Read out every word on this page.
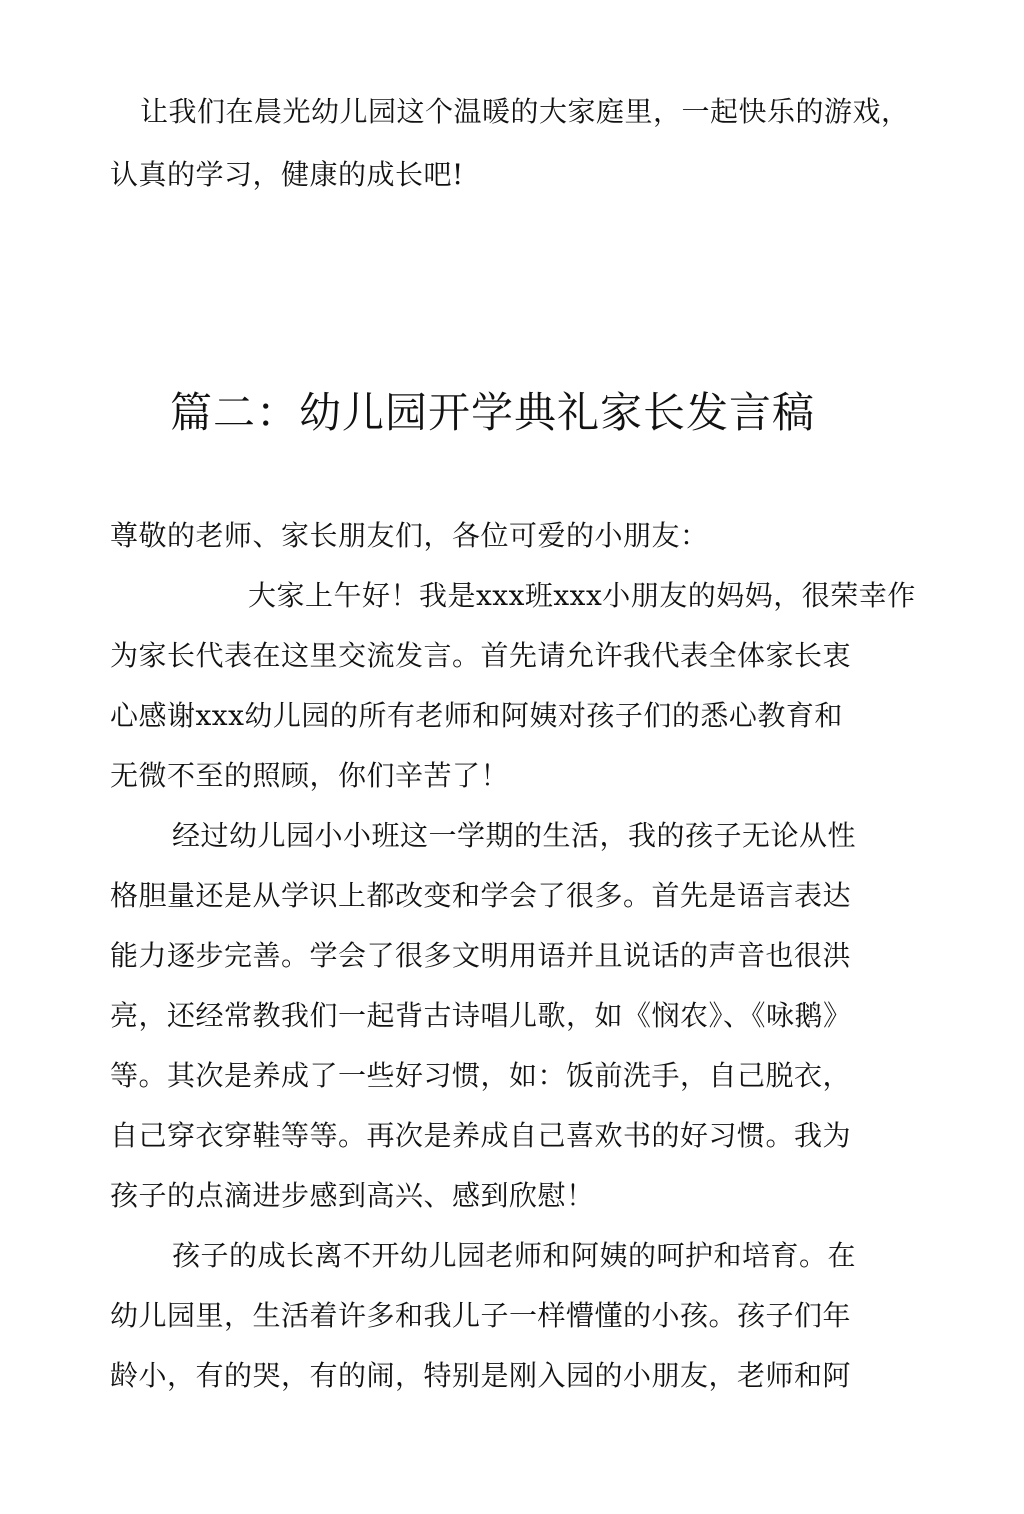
让我们在晨光幼儿园这个温暖的大家庭里，一起快乐的游戏，
认真的学习，健康的成长吧!
篇二：幼儿园开学典礼家长发言稿
尊敬的老师、家长朋友们，各位可爱的小朋友：
大家上午好！我是xxx班xxx小朋友的妈妈，很荣幸作
为家长代表在这里交流发言。首先请允许我代表全体家长衷
心感谢xxx幼儿园的所有老师和阿姨对孩子们的悉心教育和
无微不至的照顾，你们辛苦了！
经过幼儿园小小班这一学期的生活，我的孩子无论从性
格胆量还是从学识上都改变和学会了很多。首先是语言表达
能力逐步完善。学会了很多文明用语并且说话的声音也很洪
亮，还经常教我们一起背古诗唱儿歌，如《悯农》、《咏鹅》
等。其次是养成了一些好习惯，如：饭前洗手，自己脱衣，
自己穿衣穿鞋等等。再次是养成自己喜欢书的好习惯。我为
孩子的点滴进步感到高兴、感到欣慰！
孩子的成长离不开幼儿园老师和阿姨的呵护和培育。在
幼儿园里，生活着许多和我儿子一样懵懂的小孩。孩子们年
龄小，有的哭，有的闹，特别是刚入园的小朋友，老师和阿
